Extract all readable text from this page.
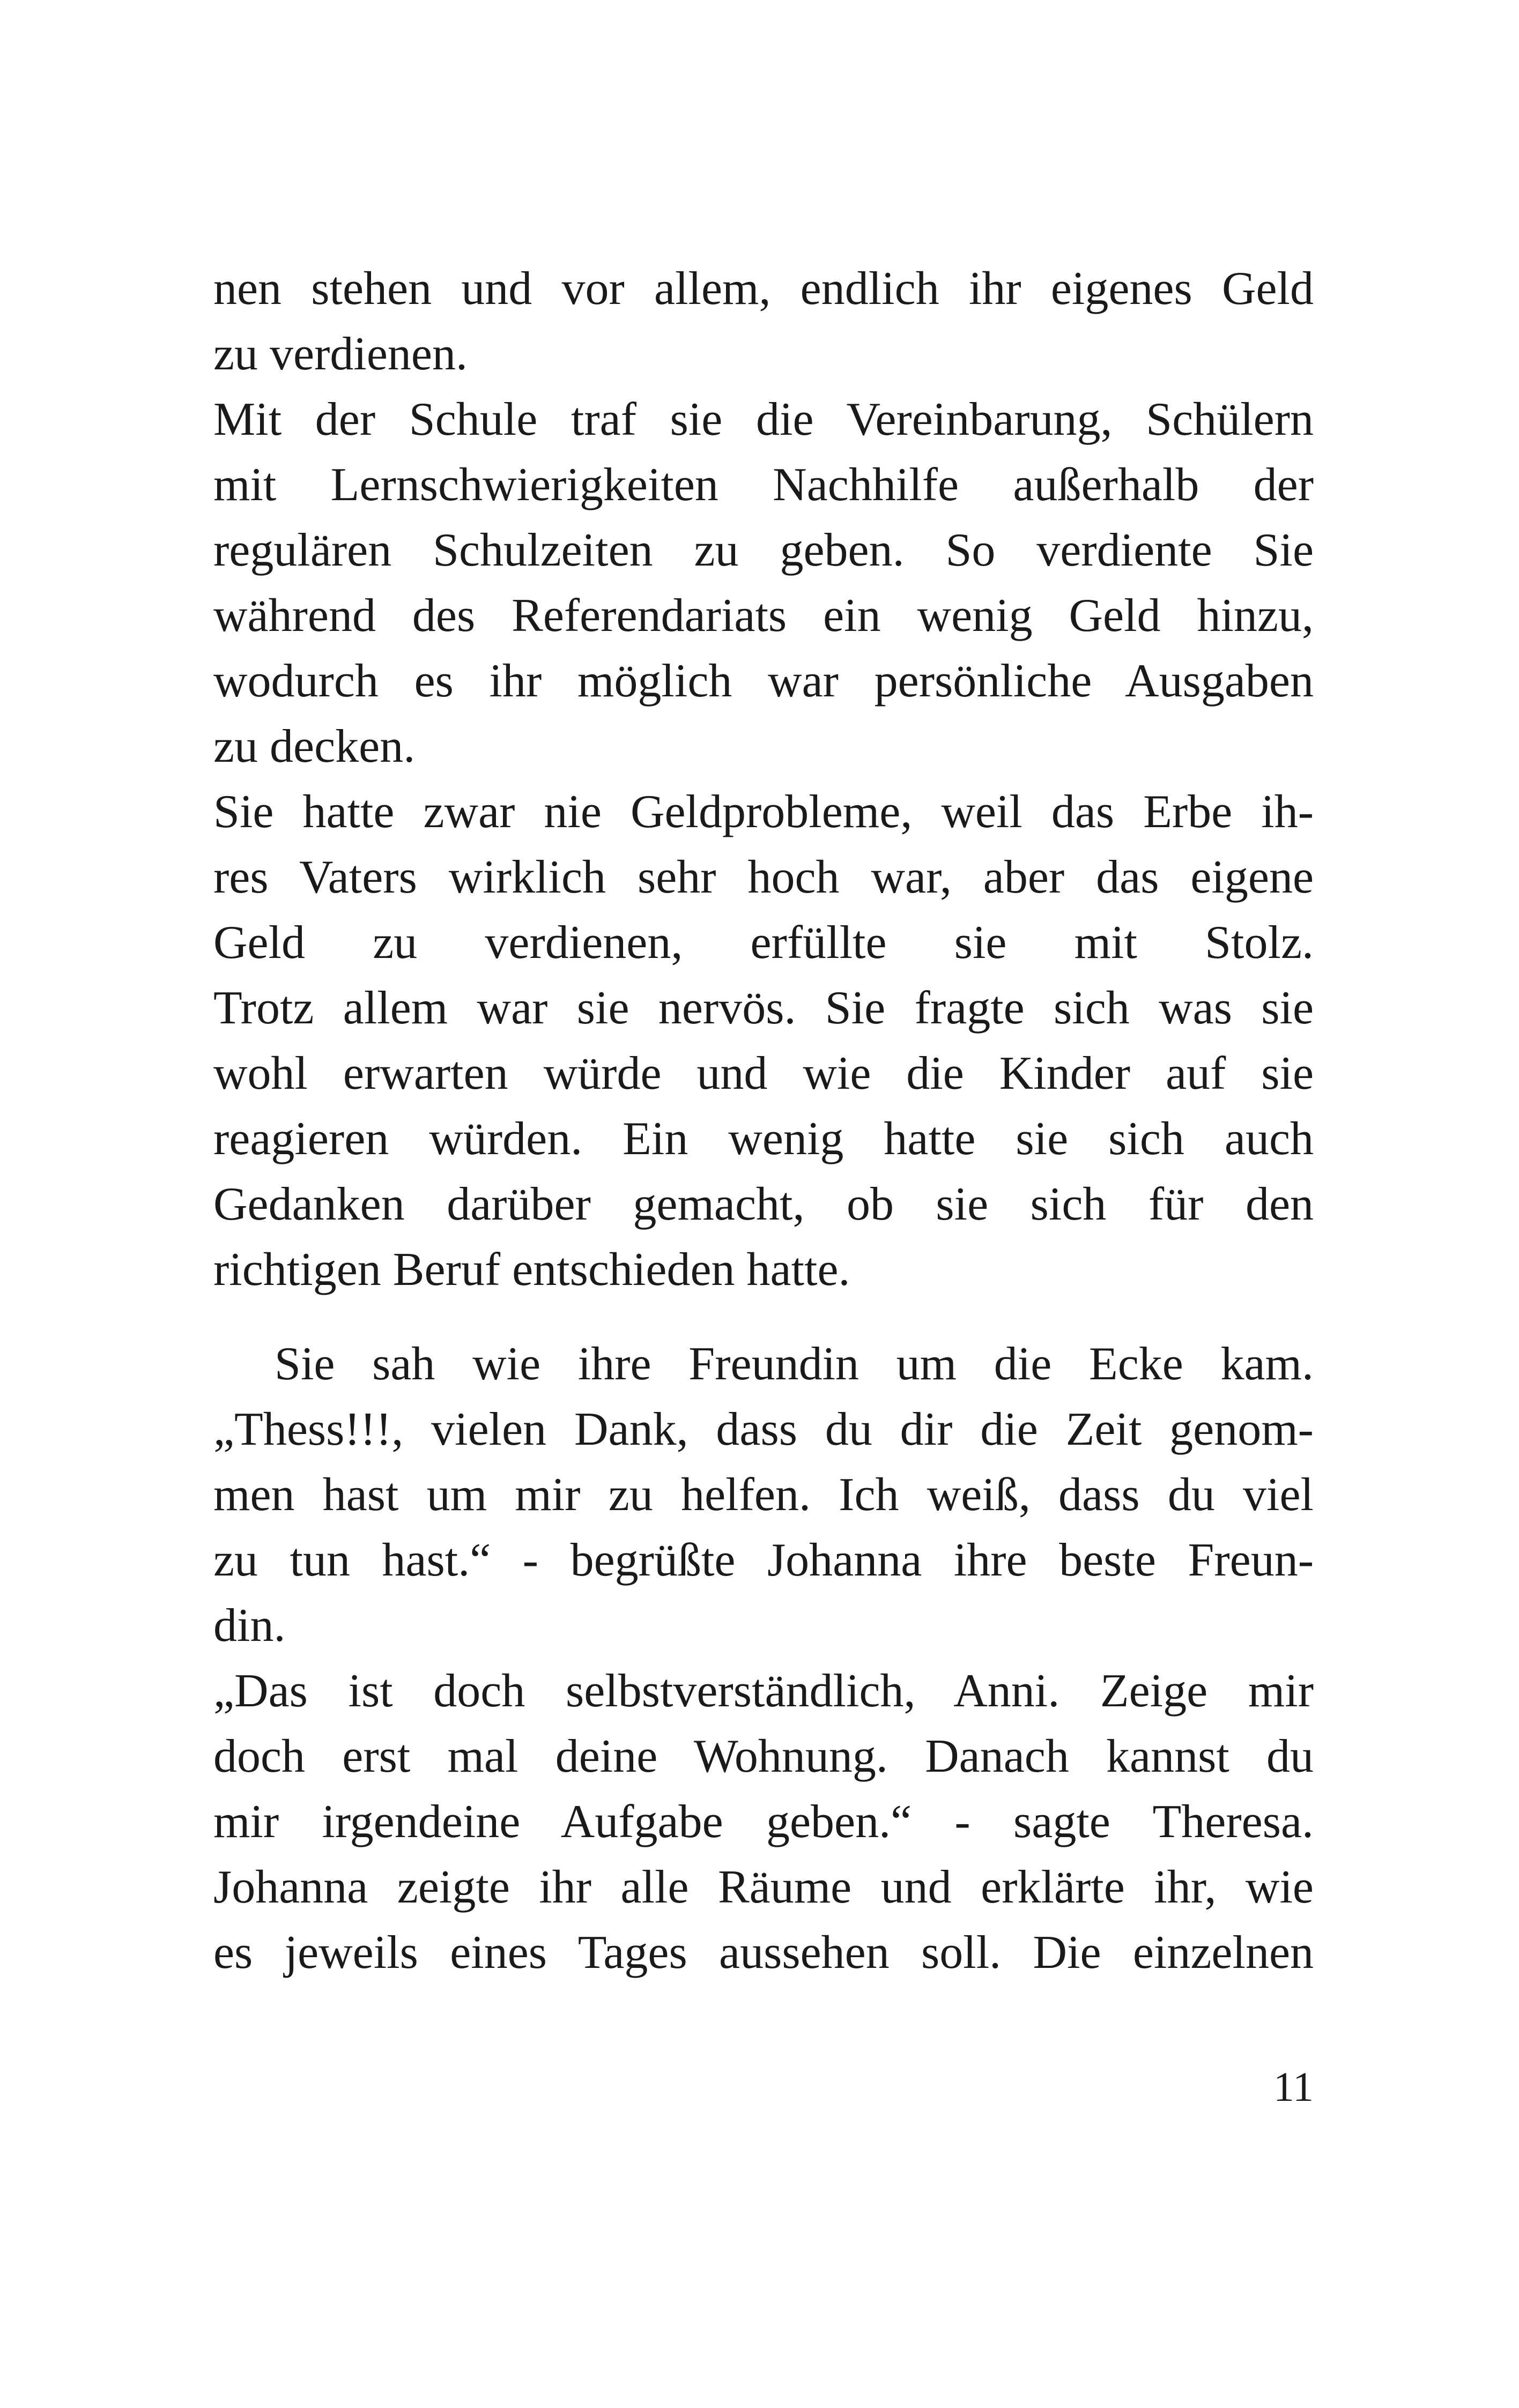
nen stehen und vor allem, endlich ihr eigenes Geld
zu verdienen.
Mit der Schule traf sie die Vereinbarung, Schülern
mit Lernschwierigkeiten Nachhilfe außerhalb der
regulären Schulzeiten zu geben. So verdiente Sie
während des Referendariats ein wenig Geld hinzu,
wodurch es ihr möglich war persönliche Ausgaben
zu decken.
Sie hatte zwar nie Geldprobleme, weil das Erbe ih-
res Vaters wirklich sehr hoch war, aber das eigene
Geld zu verdienen, erfüllte sie mit Stolz.
Trotz allem war sie nervös. Sie fragte sich was sie
wohl erwarten würde und wie die Kinder auf sie
reagieren würden. Ein wenig hatte sie sich auch
Gedanken darüber gemacht, ob sie sich für den
richtigen Beruf entschieden hatte.
Sie sah wie ihre Freundin um die Ecke kam.
„Thess!!!, vielen Dank, dass du dir die Zeit genom-
men hast um mir zu helfen. Ich weiß, dass du viel
zu tun hast.“ - begrüßte Johanna ihre beste Freun-
din.
„Das ist doch selbstverständlich, Anni. Zeige mir
doch erst mal deine Wohnung. Danach kannst du
mir irgendeine Aufgabe geben.“ - sagte Theresa.
Johanna zeigte ihr alle Räume und erklärte ihr, wie
es jeweils eines Tages aussehen soll. Die einzelnen
11
